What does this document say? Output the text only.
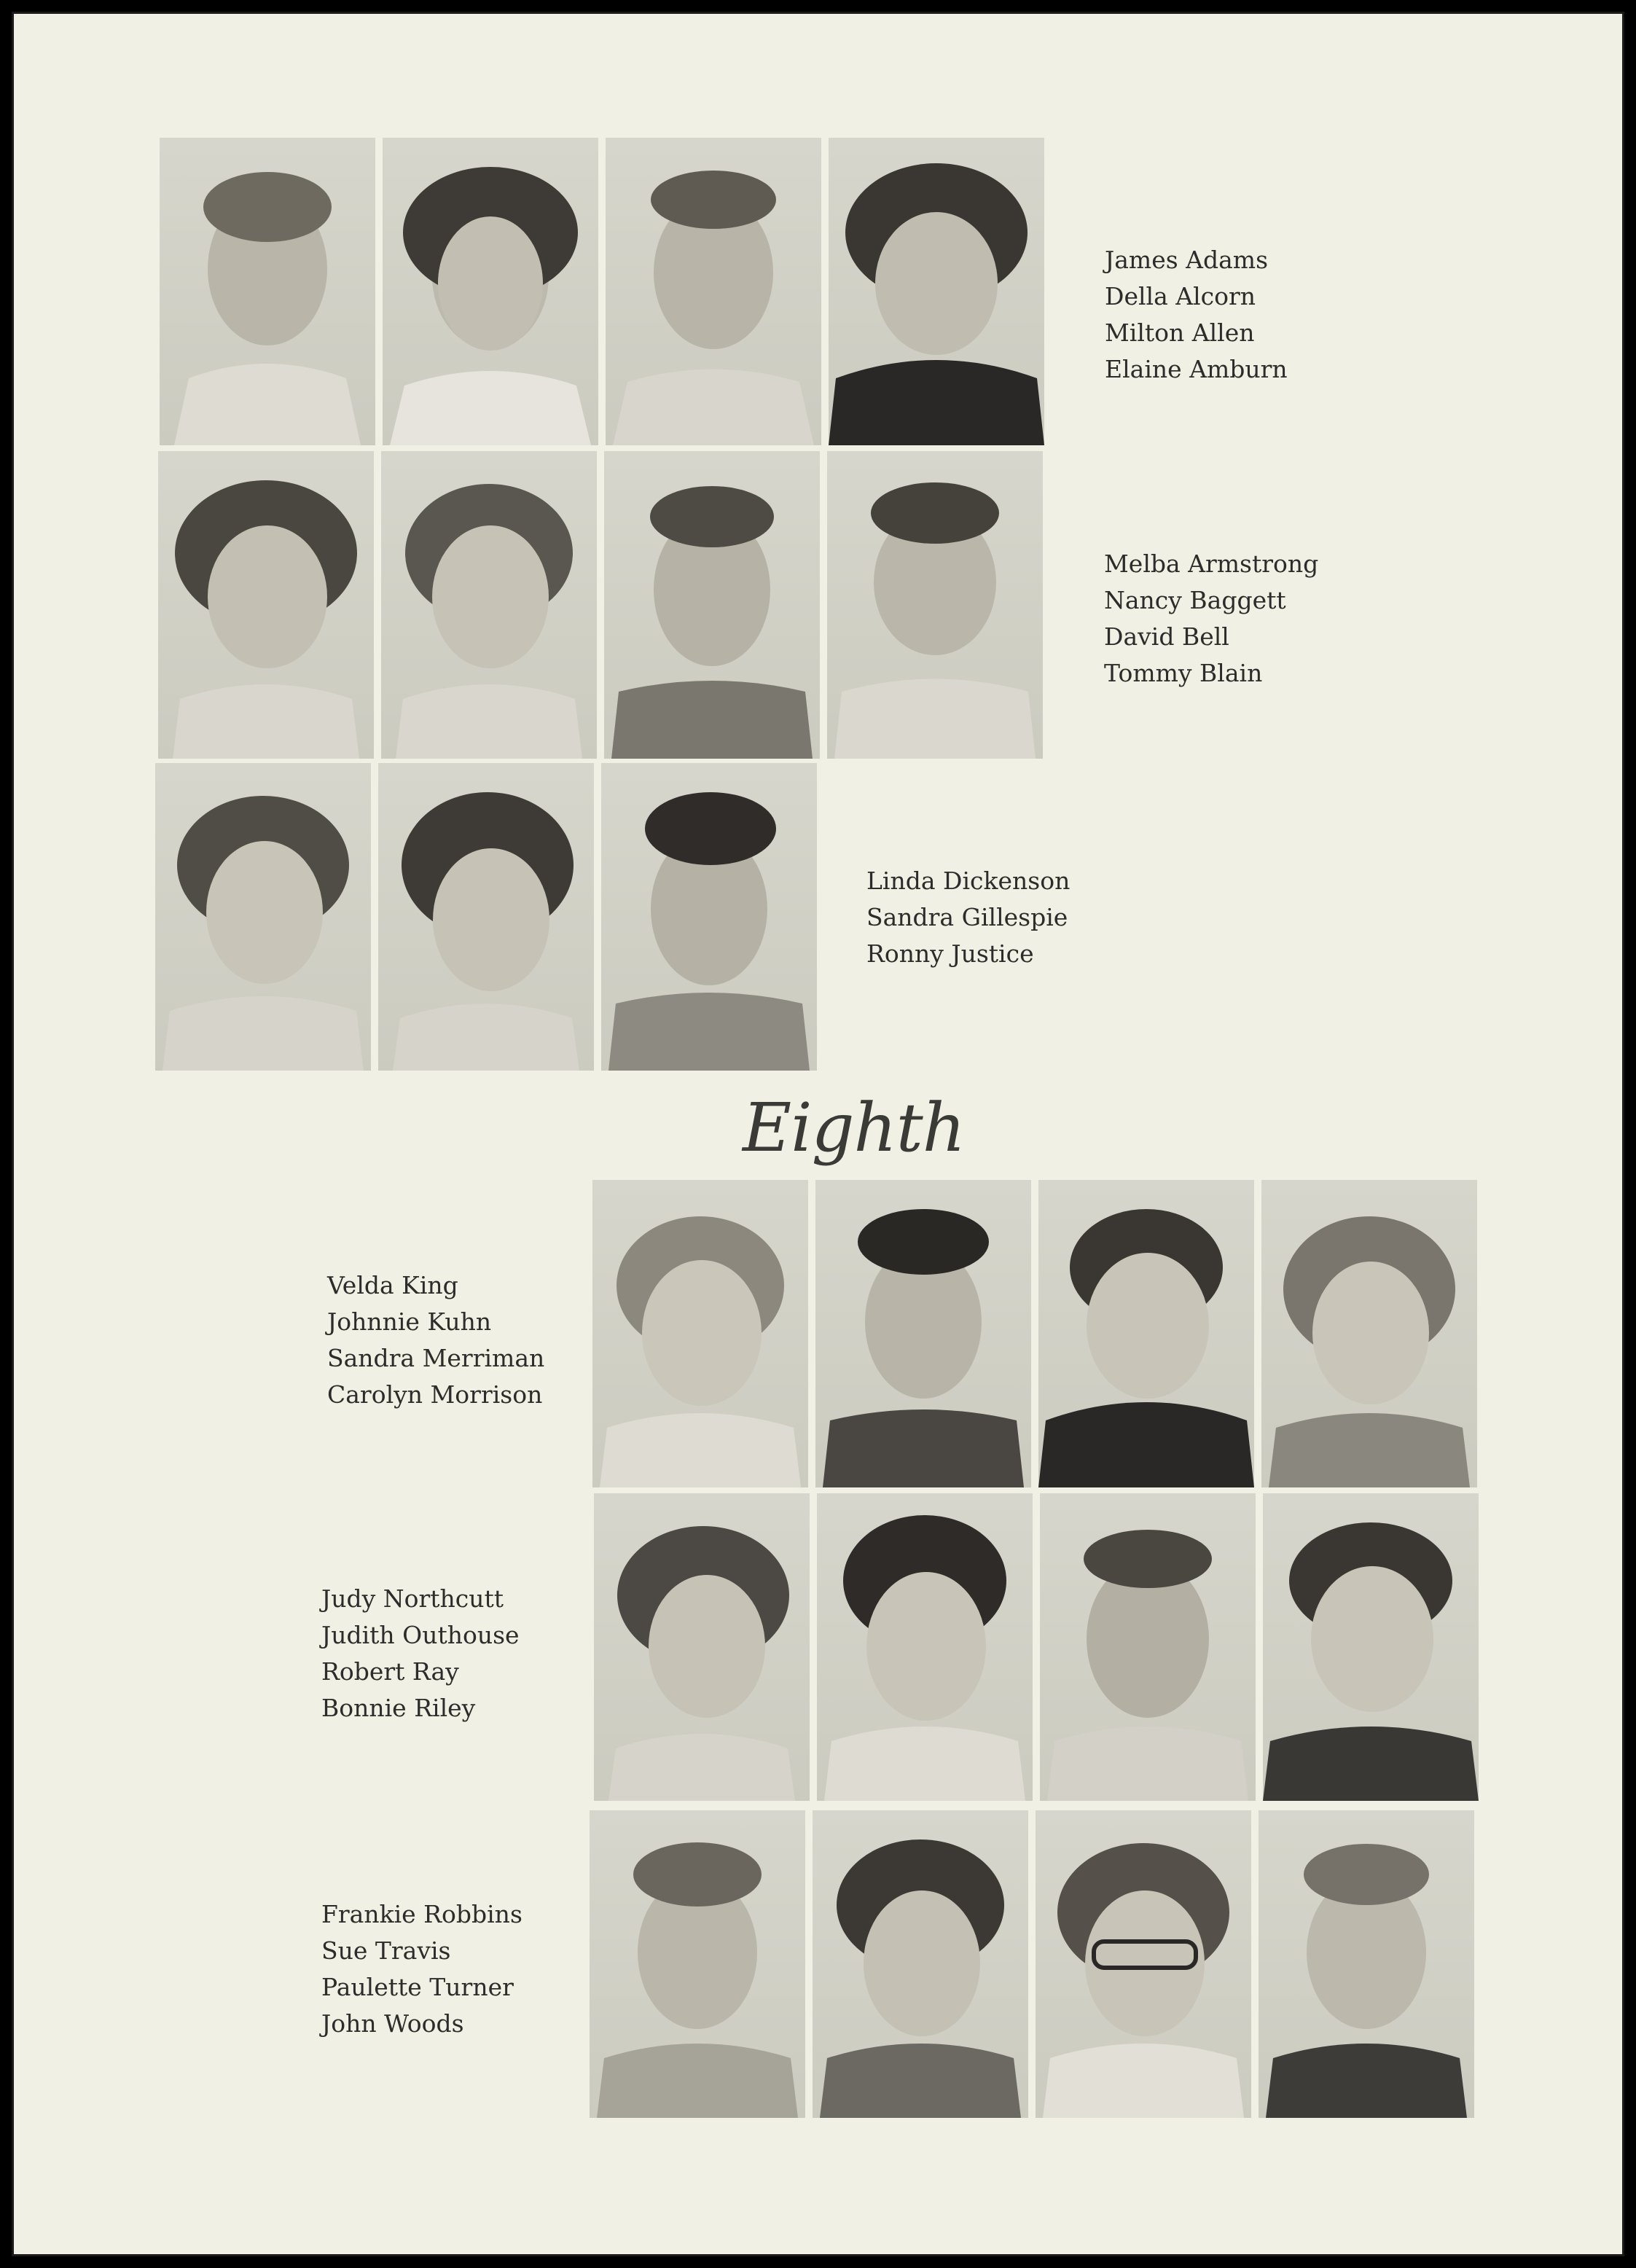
James Adams
Della Alcorn
Milton Allen
Elaine Amburn
Melba Armstrong
Nancy Baggett
David Bell
Tommy Blain
Linda Dickenson
Sandra Gillespie
Ronny Justice
Eighth
Velda King
Johnnie Kuhn
Sandra Merriman
Carolyn Morrison
Judy Northcutt
Judith Outhouse
Robert Ray
Bonnie Riley
Frankie Robbins
Sue Travis
Paulette Turner
John Woods
